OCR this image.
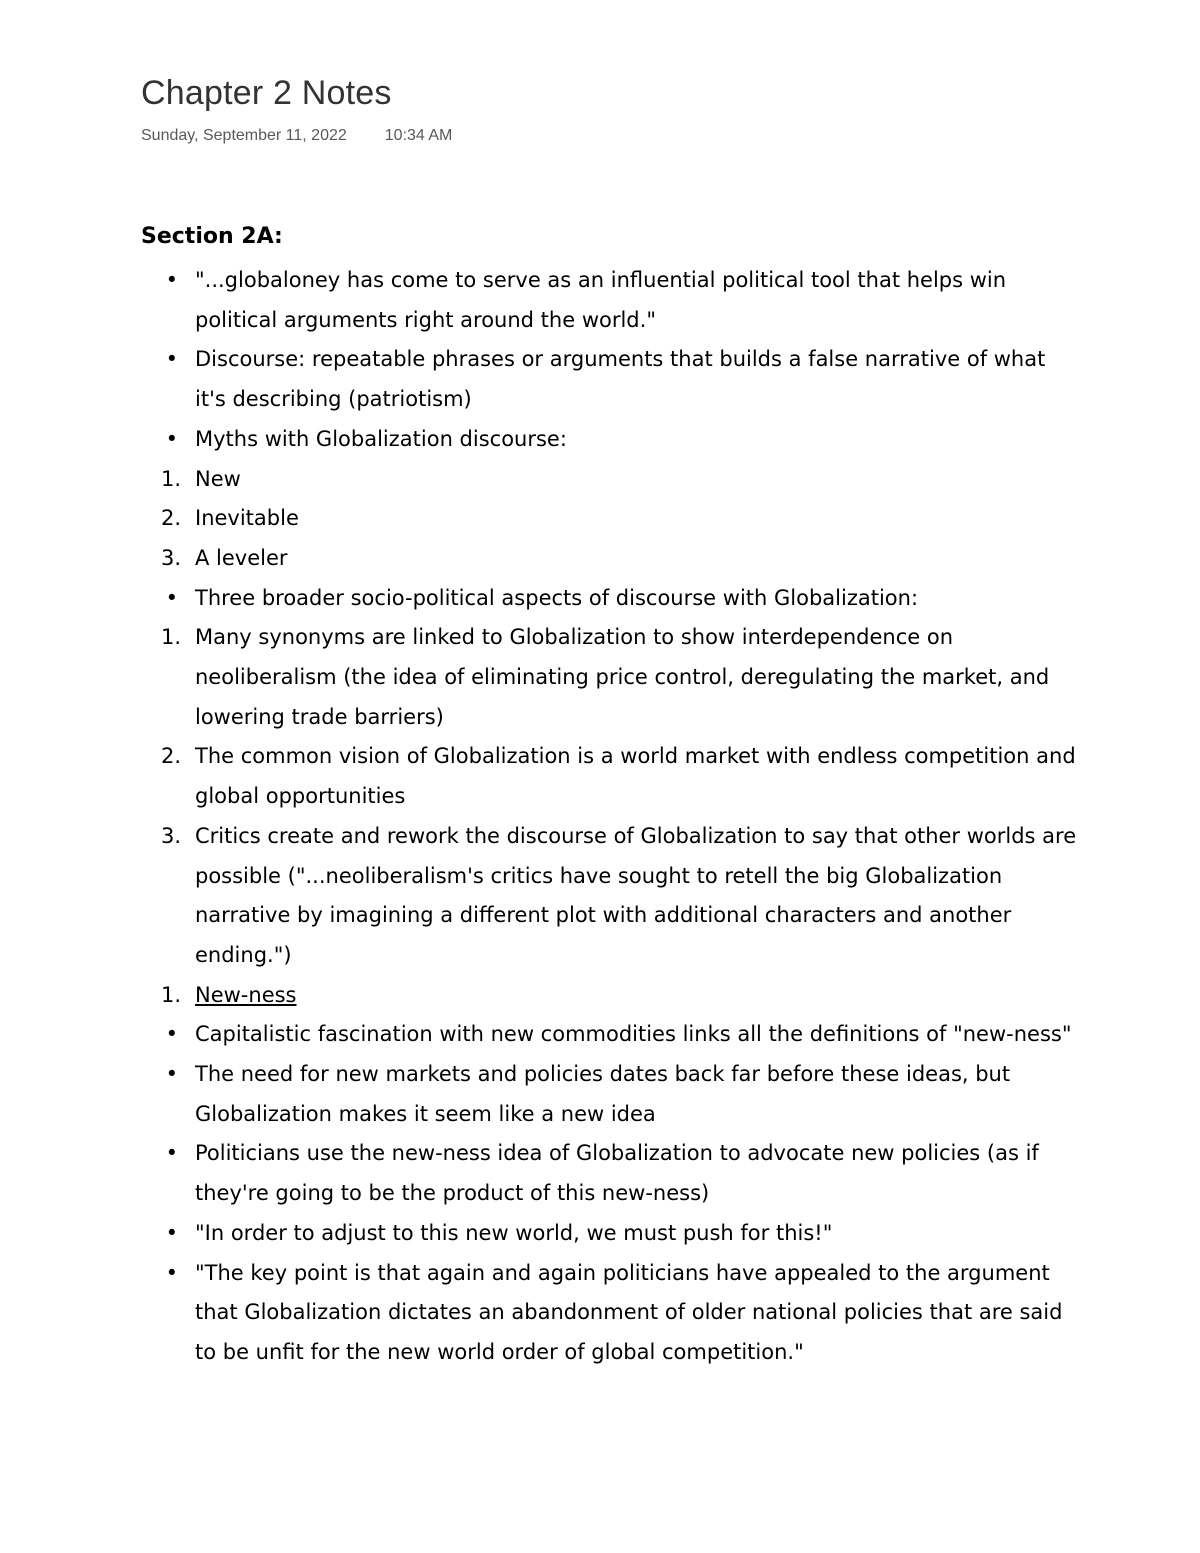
Chapter 2 Notes
Sunday, September 11, 2022 10:34 AM
Section 2A:
• "...globaloney has come to serve as an influential political tool that helps win political arguments right around the world."
• Discourse: repeatable phrases or arguments that builds a false narrative of what it's describing (patriotism)
• Myths with Globalization discourse:
1. New
2. Inevitable
3. A leveler
• Three broader socio-political aspects of discourse with Globalization:
1. Many synonyms are linked to Globalization to show interdependence on neoliberalism (the idea of eliminating price control, deregulating the market, and lowering trade barriers)
2. The common vision of Globalization is a world market with endless competition and global opportunities
3. Critics create and rework the discourse of Globalization to say that other worlds are possible ("...neoliberalism's critics have sought to retell the big Globalization narrative by imagining a different plot with additional characters and another ending.")
1. New-ness
• Capitalistic fascination with new commodities links all the definitions of "new-ness"
• The need for new markets and policies dates back far before these ideas, but Globalization makes it seem like a new idea
• Politicians use the new-ness idea of Globalization to advocate new policies (as if they're going to be the product of this new-ness)
• "In order to adjust to this new world, we must push for this!"
• "The key point is that again and again politicians have appealed to the argument that Globalization dictates an abandonment of older national policies that are said to be unfit for the new world order of global competition."
